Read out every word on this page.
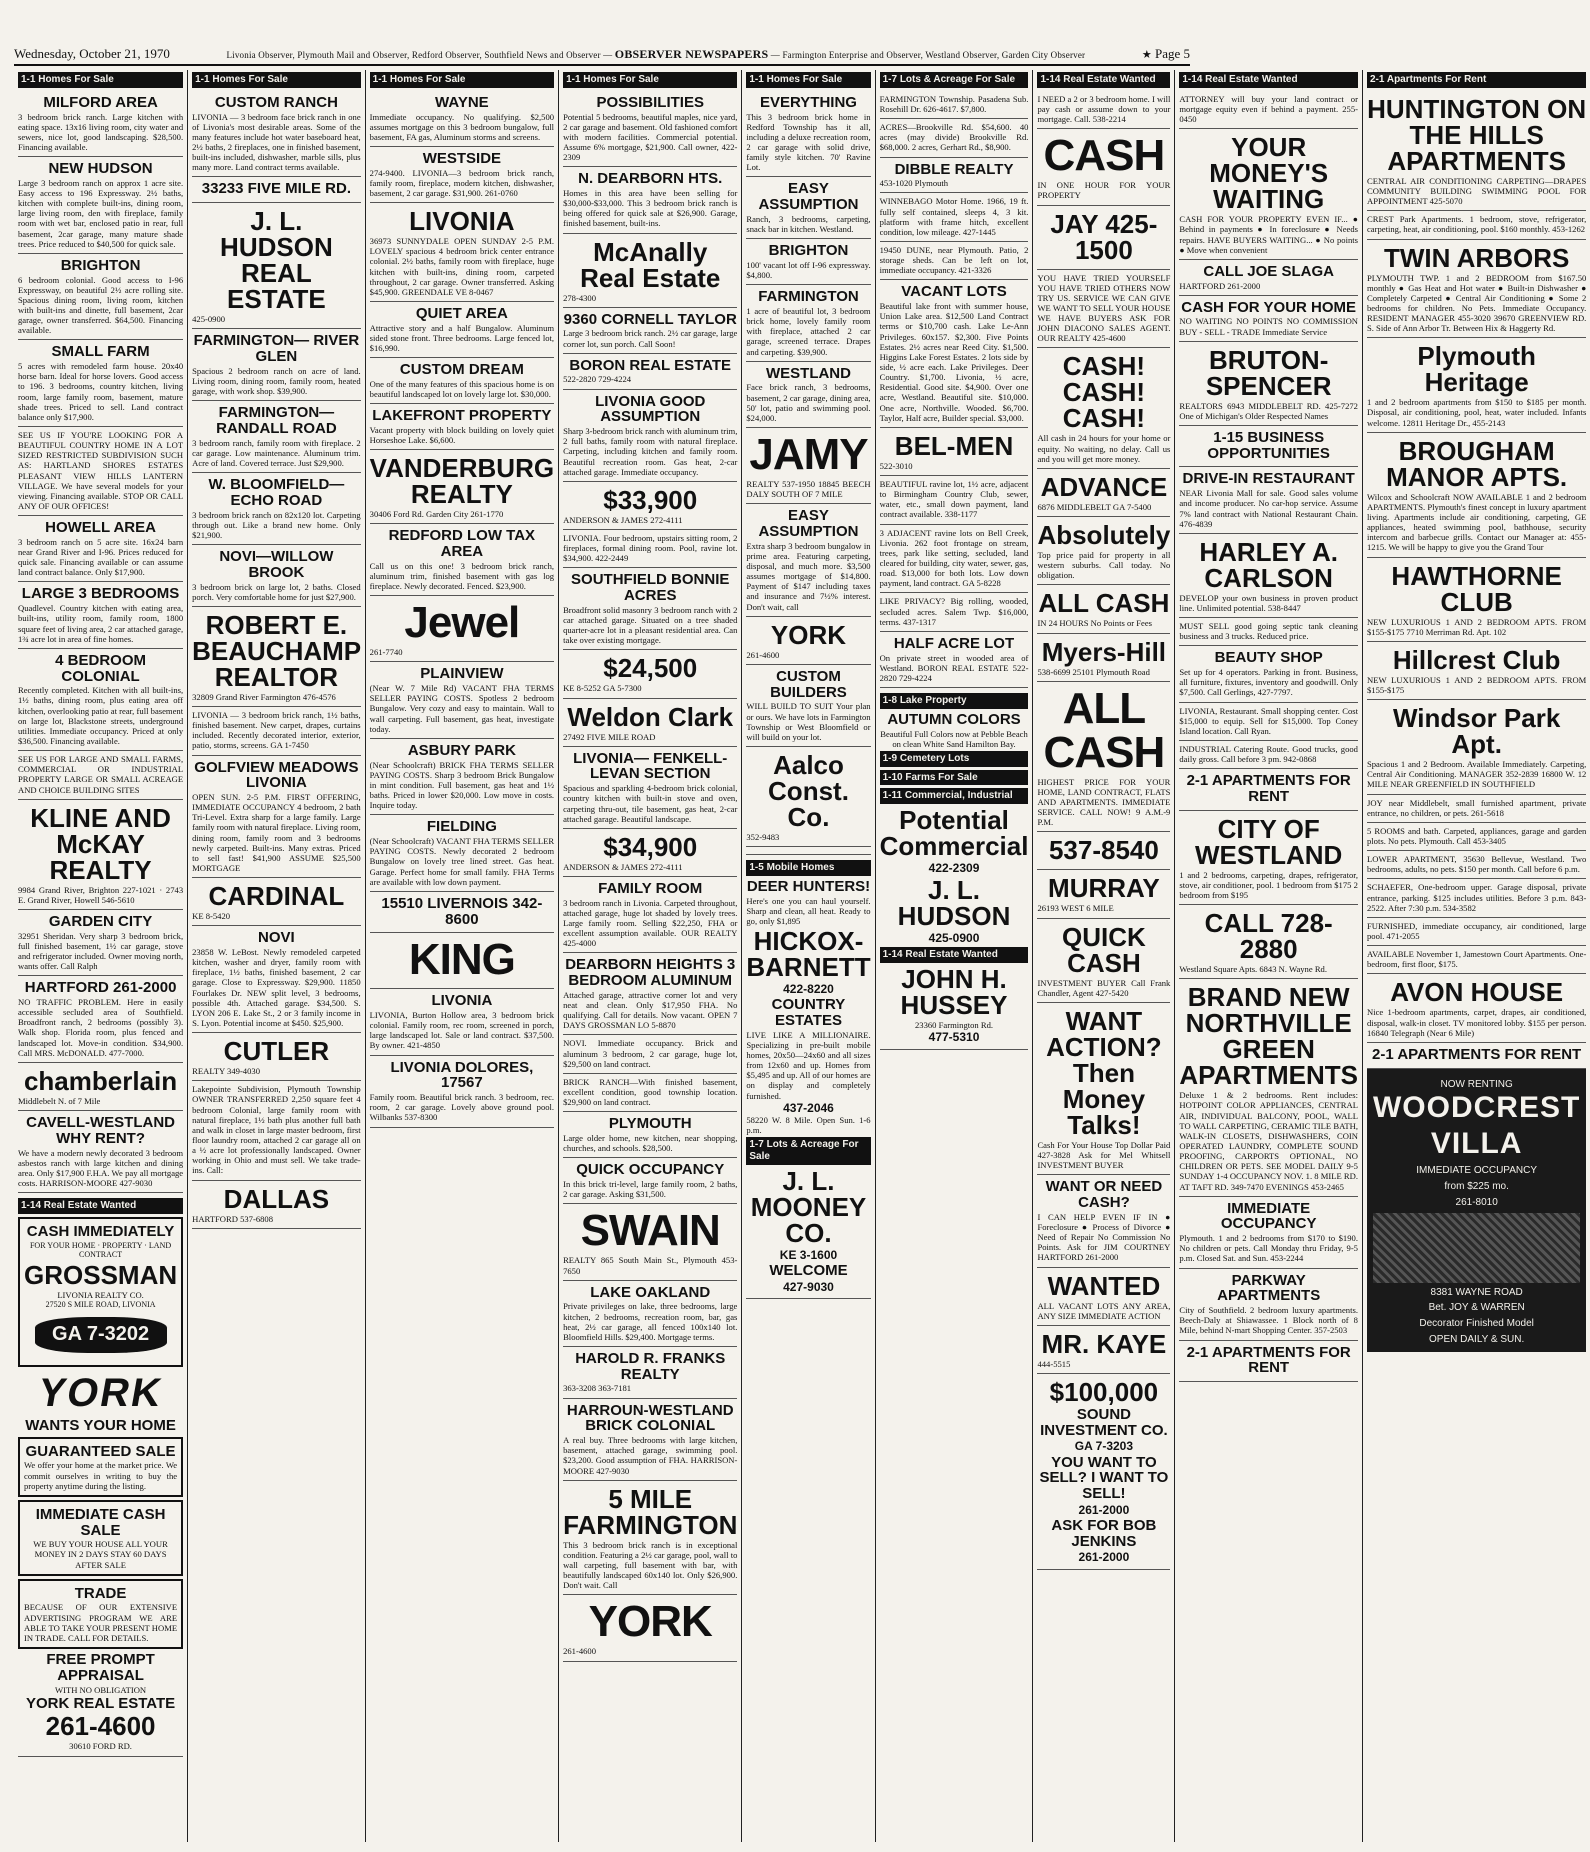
Wednesday, October 21, 1970	Livonia Observer, Plymouth Mail and Observer, Redford Observer, Southfield News and Observer — OBSERVER NEWSPAPERS — Farmington Enterprise and Observer, Westland Observer, Garden City Observer	★ Page 5
1-1 Homes For Sale
MILFORD AREA

3 bedroom brick ranch. Large kitchen with eating space. 13x16 living room, city water and sewers, nice lot, good landscaping. $28,500. Financing available.

NEW HUDSON

Large 3 bedroom ranch on approx 1 acre site. Easy access to 196 Expressway. 2½ baths, kitchen with complete built-ins, dining room, large living room, den with fireplace, family room with wet bar, enclosed patio in rear, full basement, 2car garage, many mature shade trees. Price reduced to $40,500 for quick sale.

BRIGHTON

6 bedroom colonial. Good access to I-96 Expressway, on beautiful 2½ acre rolling site. Spacious dining room, living room, kitchen with built-ins and dinette, full basement, 2car garage, owner transferred. $64,500. Financing available.

SMALL FARM

5 acres with remodeled farm house. 20x40 horse barn. Ideal for horse lovers. Good access to 196. 3 bedrooms, country kitchen, living room, large family room, basement, mature shade trees. Priced to sell. Land contract balance only $17,900.

SEE US IF YOU'RE LOOKING FOR A BEAUTIFUL COUNTRY HOME IN A LOT SIZED RESTRICTED SUBDIVISION SUCH AS: HARTLAND SHORES ESTATES PLEASANT VIEW HILLS LANTERN VILLAGE. We have several models for your viewing. Financing available. STOP OR CALL ANY OF OUR OFFICES!

HOWELL AREA

3 bedroom ranch on 5 acre site. 16x24 barn near Grand River and I-96. Prices reduced for quick sale. Financing available or can assume land contract balance. Only $17,900.

LARGE 3 BEDROOMS

Quadlevel. Country kitchen with eating area, built-ins, utility room, family room, 1800 square feet of living area, 2 car attached garage, 1¾ acre lot in area of fine homes.

4 BEDROOM COLONIAL

Recently completed. Kitchen with all built-ins, 1½ baths, dining room, plus eating area off kitchen, overlooking patio at rear, full basement on large lot, Blackstone streets, underground utilities. Immediate occupancy. Priced at only $36,500. Financing available.

SEE US FOR LARGE AND SMALL FARMS, COMMERCIAL OR INDUSTRIAL PROPERTY LARGE OR SMALL ACREAGE AND CHOICE BUILDING SITES

KLINE AND McKAY REALTY

9984 Grand River, Brighton 227-1021 · 2743 E. Grand River, Howell 546-5610

GARDEN CITY

32951 Sheridan. Very sharp 3 bedroom brick, full finished basement, 1½ car garage, stove and refrigerator included. Owner moving north, wants offer. Call Ralph

HARTFORD 261-2000

NO TRAFFIC PROBLEM. Here in easily accessible secluded area of Southfield. Broadfront ranch, 2 bedrooms (possibly 3). Walk shop. Florida room, plus fenced and landscaped lot. Move-in condition. $34,900. Call MRS. McDONALD. 477-7000.

chamberlain

Middlebelt N. of 7 Mile

CAVELL-WESTLAND WHY RENT?

We have a modern newly decorated 3 bedroom asbestos ranch with large kitchen and dining area. Only $17,900 F.H.A. We pay all mortgage costs. HARRISON-MOORE 427-9030

1-14 Real Estate Wanted
CASH IMMEDIATELY

FOR YOUR HOME · PROPERTY · LAND CONTRACT

GROSSMAN

LIVONIA REALTY CO.

27520 S MILE ROAD, LIVONIA

GA 7-3202
YORK
WANTS YOUR HOME
GUARANTEED SALE

We offer your home at the market price. We commit ourselves in writing to buy the property anytime during the listing.

IMMEDIATE CASH SALE

WE BUY YOUR HOUSE ALL YOUR MONEY IN 2 DAYS STAY 60 DAYS AFTER SALE

TRADE

BECAUSE OF OUR EXTENSIVE ADVERTISING PROGRAM WE ARE ABLE TO TAKE YOUR PRESENT HOME IN TRADE. CALL FOR DETAILS.

FREE PROMPT APPRAISAL

WITH NO OBLIGATION

YORK REAL ESTATE
261-4600

30610 FORD RD.

1-1 Homes For Sale
CUSTOM RANCH

LIVONIA — 3 bedroom face brick ranch in one of Livonia's most desirable areas. Some of the many features include hot water baseboard heat, 2½ baths, 2 fireplaces, one in finished basement, built-ins included, dishwasher, marble sills, plus many more. Land contract terms available.

33233 FIVE MILE RD.
J. L. HUDSON REAL ESTATE

425-0900

FARMINGTON— RIVER GLEN

Spacious 2 bedroom ranch on acre of land. Living room, dining room, family room, heated garage, with work shop. $39,900.

FARMINGTON— RANDALL ROAD

3 bedroom ranch, family room with fireplace. 2 car garage. Low maintenance. Aluminum trim. Acre of land. Covered terrace. Just $29,900.

W. BLOOMFIELD— ECHO ROAD

3 bedroom brick ranch on 82x120 lot. Carpeting through out. Like a brand new home. Only $21,900.

NOVI—WILLOW BROOK

3 bedroom brick on large lot, 2 baths. Closed porch. Very comfortable home for just $27,900.

ROBERT E. BEAUCHAMP REALTOR

32809 Grand River Farmington 476-4576

LIVONIA — 3 bedroom brick ranch, 1½ baths, finished basement. New carpet, drapes, curtains included. Recently decorated interior, exterior, patio, storms, screens. GA 1-7450

GOLFVIEW MEADOWS LIVONIA

OPEN SUN. 2-5 P.M. FIRST OFFERING, IMMEDIATE OCCUPANCY 4 bedroom, 2 bath Tri-Level. Extra sharp for a large family. Large family room with natural fireplace. Living room, dining room, family room and 3 bedrooms newly carpeted. Built-ins. Many extras. Priced to sell fast! $41,900 ASSUME $25,500 MORTGAGE

CARDINAL

KE 8-5420

NOVI

23858 W. LeBost. Newly remodeled carpeted kitchen, washer and dryer, family room with fireplace, 1½ baths, finished basement, 2 car garage. Close to Expressway. $29,900. 11850 Fourlakes Dr. NEW split level, 3 bedrooms, possible 4th. Attached garage. $34,500. S. LYON 206 E. Lake St., 2 or 3 family income in S. Lyon. Potential income at $450. $25,900.

CUTLER

REALTY 349-4030

Lakepointe Subdivision, Plymouth Township OWNER TRANSFERRED 2,250 square feet 4 bedroom Colonial, large family room with natural fireplace, 1½ bath plus another full bath and walk in closet in large master bedroom, first floor laundry room, attached 2 car garage all on a ½ acre lot professionally landscaped. Owner working in Ohio and must sell. We take trade-ins. Call:

DALLAS

HARTFORD 537-6808

1-1 Homes For Sale
WAYNE

Immediate occupancy. No qualifying. $2,500 assumes mortgage on this 3 bedroom bungalow, full basement, FA gas, Aluminum storms and screens.

WESTSIDE

274-9400. LIVONIA—3 bedroom brick ranch, family room, fireplace, modern kitchen, dishwasher, basement, 2 car garage. $31,900. 261-0760

LIVONIA

36973 SUNNYDALE OPEN SUNDAY 2-5 P.M. LOVELY spacious 4 bedroom brick center entrance colonial. 2½ baths, family room with fireplace, huge kitchen with built-ins, dining room, carpeted throughout, 2 car garage. Owner transferred. Asking $45,900. GREENDALE VE 8-0467

QUIET AREA

Attractive story and a half Bungalow. Aluminum sided stone front. Three bedrooms. Large fenced lot, $16,990.

CUSTOM DREAM

One of the many features of this spacious home is on beautiful landscaped lot on lovely large lot. $30,000.

LAKEFRONT PROPERTY

Vacant property with block building on lovely quiet Horseshoe Lake. $6,600.

VANDERBURG REALTY

30406 Ford Rd. Garden City 261-1770

REDFORD LOW TAX AREA

Call us on this one! 3 bedroom brick ranch, aluminum trim, finished basement with gas log fireplace. Newly decorated. Fenced. $23,900.

Jewel

261-7740

PLAINVIEW

(Near W. 7 Mile Rd) VACANT FHA TERMS SELLER PAYING COSTS. Spotless 2 bedroom Bungalow. Very cozy and easy to maintain. Wall to wall carpeting. Full basement, gas heat, investigate today.

ASBURY PARK

(Near Schoolcraft) BRICK FHA TERMS SELLER PAYING COSTS. Sharp 3 bedroom Brick Bungalow in mint condition. Full basement, gas heat and 1½ baths. Priced in lower $20,000. Low move in costs. Inquire today.

FIELDING

(Near Schoolcraft) VACANT FHA TERMS SELLER PAYING COSTS. Newly decorated 2 bedroom Bungalow on lovely tree lined street. Gas heat. Garage. Perfect home for small family. FHA Terms are available with low down payment.

15510 LIVERNOIS 342-8600
KING
LIVONIA

LIVONIA, Burton Hollow area, 3 bedroom brick colonial. Family room, rec room, screened in porch, large landscaped lot. Sale or land contract. $37,500. By owner. 421-4850

LIVONIA DOLORES, 17567

Family room. Beautiful brick ranch. 3 bedroom, rec. room, 2 car garage. Lovely above ground pool. Wilbanks 537-8300

1-1 Homes For Sale
POSSIBILITIES

Potential 5 bedrooms, beautiful maples, nice yard, 2 car garage and basement. Old fashioned comfort with modern facilities. Commercial potential. Assume 6% mortgage, $21,900. Call owner, 422-2309

N. DEARBORN HTS.

Homes in this area have been selling for $30,000-$33,000. This 3 bedroom brick ranch is being offered for quick sale at $26,900. Garage, finished basement, built-ins.

McAnally Real Estate

278-4300

9360 CORNELL TAYLOR

Large 3 bedroom brick ranch. 2½ car garage, large corner lot, sun porch. Call Soon!

BORON REAL ESTATE

522-2820 729-4224

LIVONIA GOOD ASSUMPTION

Sharp 3-bedroom brick ranch with aluminum trim, 2 full baths, family room with natural fireplace. Carpeting, including kitchen and family room. Beautiful recreation room. Gas heat, 2-car attached garage. Immediate occupancy.

$33,900

ANDERSON & JAMES 272-4111

LIVONIA. Four bedroom, upstairs sitting room, 2 fireplaces, formal dining room. Pool, ravine lot. $34,900. 422-2449

SOUTHFIELD BONNIE ACRES

Broadfront solid masonry 3 bedroom ranch with 2 car attached garage. Situated on a tree shaded quarter-acre lot in a pleasant residential area. Can take over existing mortgage.

$24,500

KE 8-5252 GA 5-7300

Weldon Clark

27492 FIVE MILE ROAD

LIVONIA— FENKELL-LEVAN SECTION

Spacious and sparkling 4-bedroom brick colonial, country kitchen with built-in stove and oven, carpeting thru-out, tile basement, gas heat, 2-car attached garage. Beautiful landscape.

$34,900

ANDERSON & JAMES 272-4111

FAMILY ROOM

3 bedroom ranch in Livonia. Carpeted throughout, attached garage, huge lot shaded by lovely trees. Large family room. Selling $22,250, FHA or excellent assumption available. OUR REALTY 425-4000

DEARBORN HEIGHTS 3 BEDROOM ALUMINUM

Attached garage, attractive corner lot and very neat and clean. Only $17,950 FHA. No qualifying. Call for details. Now vacant. OPEN 7 DAYS GROSSMAN LO 5-8870

NOVI. Immediate occupancy. Brick and aluminum 3 bedroom, 2 car garage, huge lot, $29,500 on land contract.

BRICK RANCH—With finished basement, excellent condition, good township location. $29,900 on land contract.

PLYMOUTH

Large older home, new kitchen, near shopping, churches, and schools. $28,500.

QUICK OCCUPANCY

In this brick tri-level, large family room, 2 baths, 2 car garage. Asking $31,500.

SWAIN

REALTY 865 South Main St., Plymouth 453-7650

LAKE OAKLAND

Private privileges on lake, three bedrooms, large kitchen, 2 bedrooms, recreation room, bar, gas heat, 2½ car garage, all fenced 100x140 lot. Bloomfield Hills. $29,400. Mortgage terms.

HAROLD R. FRANKS REALTY

363-3208 363-7181

HARROUN-WESTLAND BRICK COLONIAL

A real buy. Three bedrooms with large kitchen, basement, attached garage, swimming pool. $23,200. Good assumption of FHA. HARRISON-MOORE 427-9030

5 MILE FARMINGTON

This 3 bedroom brick ranch is in exceptional condition. Featuring a 2½ car garage, pool, wall to wall carpeting, full basement with bar, with beautifully landscaped 60x140 lot. Only $26,900. Don't wait. Call

YORK

261-4600

1-1 Homes For Sale
EVERYTHING

This 3 bedroom brick home in Redford Township has it all, including a deluxe recreation room, 2 car garage with solid drive, family style kitchen. 70' Ravine Lot.

EASY ASSUMPTION

Ranch, 3 bedrooms, carpeting, snack bar in kitchen. Westland.

BRIGHTON

100' vacant lot off I-96 expressway. $4,800.

FARMINGTON

1 acre of beautiful lot, 3 bedroom brick home, lovely family room with fireplace, attached 2 car garage, screened terrace. Drapes and carpeting. $39,900.

WESTLAND

Face brick ranch, 3 bedrooms, basement, 2 car garage, dining area, 50' lot, patio and swimming pool. $24,000.

JAMY

REALTY 537-1950 18845 BEECH DALY SOUTH OF 7 MILE

EASY ASSUMPTION

Extra sharp 3 bedroom bungalow in prime area. Featuring carpeting, disposal, and much more. $3,500 assumes mortgage of $14,800. Payment of $147 including taxes and insurance and 7½% interest. Don't wait, call

YORK

261-4600

CUSTOM BUILDERS

WILL BUILD TO SUIT Your plan or ours. We have lots in Farmington Township or West Bloomfield or will build on your lot.

Aalco Const. Co.

352-9483

1-5 Mobile Homes
DEER HUNTERS!

Here's one you can haul yourself. Sharp and clean, all heat. Ready to go, only $1,895

HICKOX-BARNETT
422-8220
COUNTRY ESTATES

LIVE LIKE A MILLIONAIRE. Specializing in pre-built mobile homes, 20x50—24x60 and all sizes from 12x60 and up. Homes from $5,495 and up. All of our homes are on display and completely furnished.

437-2046

58220 W. 8 Mile. Open Sun. 1-6 p.m.

1-7 Lots & Acreage For Sale
J. L. MOONEY CO.
KE 3-1600
WELCOME
427-9030
1-7 Lots & Acreage For Sale

FARMINGTON Township. Pasadena Sub. Rosehill Dr. 626-4617. $7,800.

ACRES—Brookville Rd. $54,600. 40 acres (may divide) Brookville Rd. $68,000. 2 acres, Gerhart Rd., $8,900.

DIBBLE REALTY

453-1020 Plymouth

WINNEBAGO Motor Home. 1966, 19 ft. fully self contained, sleeps 4, 3 kit. platform with frame hitch, excellent condition, low mileage. 427-1445

19450 DUNE, near Plymouth. Patio, 2 storage sheds. Can be left on lot, immediate occupancy. 421-3326

VACANT LOTS

Beautiful lake front with summer house, Union Lake area. $12,500 Land Contract terms or $10,700 cash. Lake Le-Ann Privileges. 60x157. $2,300. Five Points Estates. 2½ acres near Reed City. $1,500. Higgins Lake Forest Estates. 2 lots side by side, ½ acre each. Lake Privileges. Deer Country. $1,700. Livonia, ½ acre, Residential. Good site. $4,900. Over one acre, Westland. Beautiful site. $10,000. One acre, Northville. Wooded. $6,700. Taylor, Half acre, Builder special. $3,000.

BEL-MEN

522-3010

BEAUTIFUL ravine lot, 1½ acre, adjacent to Birmingham Country Club, sewer, water, etc., small down payment, land contract available. 338-1177

3 ADJACENT ravine lots on Bell Creek, Livonia. 262 foot frontage on stream, trees, park like setting, secluded, land cleared for building, city water, sewer, gas, road. $13,000 for both lots. Low down payment, land contract. GA 5-8228

LIKE PRIVACY? Big rolling, wooded, secluded acres. Salem Twp. $16,000, terms. 437-1317

HALF ACRE LOT

On private street in wooded area of Westland. BORON REAL ESTATE 522-2820 729-4224

1-8 Lake Property
AUTUMN COLORS

Beautiful Full Colors now at Pebble Beach on clean White Sand Hamilton Bay.

1-9 Cemetery Lots
1-10 Farms For Sale
1-11 Commercial, Industrial
Potential Commercial
422-2309
J. L. HUDSON
425-0900
1-14 Real Estate Wanted
JOHN H. HUSSEY

23360 Farmington Rd.

477-5310
1-14 Real Estate Wanted

I NEED a 2 or 3 bedroom home. I will pay cash or assume down to your mortgage. Call. 538-2214

CASH

IN ONE HOUR FOR YOUR PROPERTY

JAY 425-1500

YOU HAVE TRIED YOURSELF YOU HAVE TRIED OTHERS NOW TRY US. SERVICE WE CAN GIVE WE WANT TO SELL YOUR HOUSE WE HAVE BUYERS ASK FOR JOHN DIACONO SALES AGENT. OUR REALTY 425-4600

CASH! CASH! CASH!

All cash in 24 hours for your home or equity. No waiting, no delay. Call us and you will get more money.

ADVANCE

6876 MIDDLEBELT GA 7-5400

Absolutely

Top price paid for property in all western suburbs. Call today. No obligation.

ALL CASH

IN 24 HOURS No Points or Fees

Myers-Hill

538-6699 25101 Plymouth Road

ALL CASH

HIGHEST PRICE FOR YOUR HOME, LAND CONTRACT, FLATS AND APARTMENTS. IMMEDIATE SERVICE. CALL NOW! 9 A.M.-9 P.M.

537-8540
MURRAY

26193 WEST 6 MILE

QUICK CASH

INVESTMENT BUYER Call Frank Chandler, Agent 427-5420

WANT ACTION? Then Money Talks!

Cash For Your House Top Dollar Paid 427-3828 Ask for Mel Whitsell INVESTMENT BUYER

WANT OR NEED CASH?

I CAN HELP EVEN IF IN ● Foreclosure ● Process of Divorce ● Need of Repair No Commission No Points. Ask for JIM COURTNEY HARTFORD 261-2000

WANTED

ALL VACANT LOTS ANY AREA, ANY SIZE IMMEDIATE ACTION

MR. KAYE

444-5515

$100,000
SOUND INVESTMENT CO.
GA 7-3203
YOU WANT TO SELL? I WANT TO SELL!
261-2000
ASK FOR BOB JENKINS
261-2000
1-14 Real Estate Wanted

ATTORNEY will buy your land contract or mortgage equity even if behind a payment. 255-0450

YOUR MONEY'S WAITING

CASH FOR YOUR PROPERTY EVEN IF... ● Behind in payments ● In foreclosure ● Needs repairs. HAVE BUYERS WAITING... ● No points ● Move when convenient

CALL JOE SLAGA

HARTFORD 261-2000

CASH FOR YOUR HOME

NO WAITING NO POINTS NO COMMISSION BUY - SELL - TRADE Immediate Service

BRUTON-SPENCER

REALTORS 6943 MIDDLEBELT RD. 425-7272 One of Michigan's Older Respected Names

1-15 BUSINESS OPPORTUNITIES
DRIVE-IN RESTAURANT

NEAR Livonia Mall for sale. Good sales volume and income producer. No car-hop service. Assume 7% land contract with National Restaurant Chain. 476-4839

HARLEY A. CARLSON

DEVELOP your own business in proven product line. Unlimited potential. 538-8447

MUST SELL good going septic tank cleaning business and 3 trucks. Reduced price.

BEAUTY SHOP

Set up for 4 operators. Parking in front. Business, all furniture, fixtures, inventory and goodwill. Only $7,500. Call Gerlings, 427-7797.

LIVONIA, Restaurant. Small shopping center. Cost $15,000 to equip. Sell for $15,000. Top Coney Island location. Call Ryan.

INDUSTRIAL Catering Route. Good trucks, good daily gross. Call before 3 pm. 942-0868

2-1 APARTMENTS FOR RENT
CITY OF WESTLAND

1 and 2 bedrooms, carpeting, drapes, refrigerator, stove, air conditioner, pool. 1 bedroom from $175 2 bedroom from $195

CALL 728-2880

Westland Square Apts. 6843 N. Wayne Rd.

BRAND NEW NORTHVILLE GREEN APARTMENTS

Deluxe 1 & 2 bedrooms. Rent includes: HOTPOINT COLOR APPLIANCES, CENTRAL AIR, INDIVIDUAL BALCONY, POOL, WALL TO WALL CARPETING, CERAMIC TILE BATH, WALK-IN CLOSETS, DISHWASHERS, COIN OPERATED LAUNDRY, COMPLETE SOUND PROOFING, CARPORTS OPTIONAL, NO CHILDREN OR PETS. SEE MODEL DAILY 9-5 SUNDAY 1-4 OCCUPANCY NOV. 1. 8 MILE RD. AT TAFT RD. 349-7470 EVENINGS 453-2465

IMMEDIATE OCCUPANCY

Plymouth. 1 and 2 bedrooms from $170 to $190. No children or pets. Call Monday thru Friday, 9-5 p.m. Closed Sat. and Sun. 453-2244

PARKWAY APARTMENTS

City of Southfield. 2 bedroom luxury apartments. Beech-Daly at Shiawassee. 1 Block north of 8 Mile, behind N-mart Shopping Center. 357-2503

2-1 APARTMENTS FOR RENT
2-1 Apartments For Rent
HUNTINGTON ON THE HILLS APARTMENTS

CENTRAL AIR CONDITIONING CARPETING—DRAPES COMMUNITY BUILDING SWIMMING POOL FOR APPOINTMENT 425-5070

CREST Park Apartments. 1 bedroom, stove, refrigerator, carpeting, heat, air conditioning, pool. $160 monthly. 453-1262

TWIN ARBORS

PLYMOUTH TWP. 1 and 2 BEDROOM from $167.50 monthly ● Gas Heat and Hot water ● Built-in Dishwasher ● Completely Carpeted ● Central Air Conditioning ● Some 2 bedrooms for children. No Pets. Immediate Occupancy. RESIDENT MANAGER 455-3020 39670 GREENVIEW RD. S. Side of Ann Arbor Tr. Between Hix & Haggerty Rd.

Plymouth Heritage

1 and 2 bedroom apartments from $150 to $185 per month. Disposal, air conditioning, pool, heat, water included. Infants welcome. 12811 Heritage Dr., 455-2143

BROUGHAM MANOR APTS.

Wilcox and Schoolcraft NOW AVAILABLE 1 and 2 bedroom APARTMENTS. Plymouth's finest concept in luxury apartment living. Apartments include air conditioning, carpeting, GE appliances, heated swimming pool, bathhouse, security intercom and barbecue grills. Contact our Manager at: 455-1215. We will be happy to give you the Grand Tour

HAWTHORNE CLUB

NEW LUXURIOUS 1 AND 2 BEDROOM APTS. FROM $155-$175 7710 Merriman Rd. Apt. 102

Hillcrest Club

NEW LUXURIOUS 1 AND 2 BEDROOM APTS. FROM $155-$175

Windsor Park Apt.

Spacious 1 and 2 Bedroom. Available Immediately. Carpeting, Central Air Conditioning. MANAGER 352-2839 16800 W. 12 MILE NEAR GREENFIELD IN SOUTHFIELD

JOY near Middlebelt, small furnished apartment, private entrance, no children, or pets. 261-5618

5 ROOMS and bath. Carpeted, appliances, garage and garden plots. No pets. Plymouth. Call 453-3405

LOWER APARTMENT, 35630 Bellevue, Westland. Two bedrooms, adults, no pets. $150 per month. Call before 6 p.m.

SCHAEFER, One-bedroom upper. Garage disposal, private entrance, parking. $125 includes utilities. Before 3 p.m. 843-2522. After 7:30 p.m. 534-3582

FURNISHED, immediate occupancy, air conditioned, large pool. 471-2055

AVAILABLE November 1, Jamestown Court Apartments. One-bedroom, first floor, $175.

AVON HOUSE

Nice 1-bedroom apartments, carpet, drapes, air conditioned, disposal, walk-in closet. TV monitored lobby. $155 per person. 16840 Telegraph (Near 6 Mile)

2-1 APARTMENTS FOR RENT
NOW RENTING
WOODCREST VILLA
IMMEDIATE OCCUPANCY
from $225 mo.
261-8010
8381 WAYNE ROAD
Bet. JOY & WARREN
Decorator Finished Model
OPEN DAILY & SUN.
